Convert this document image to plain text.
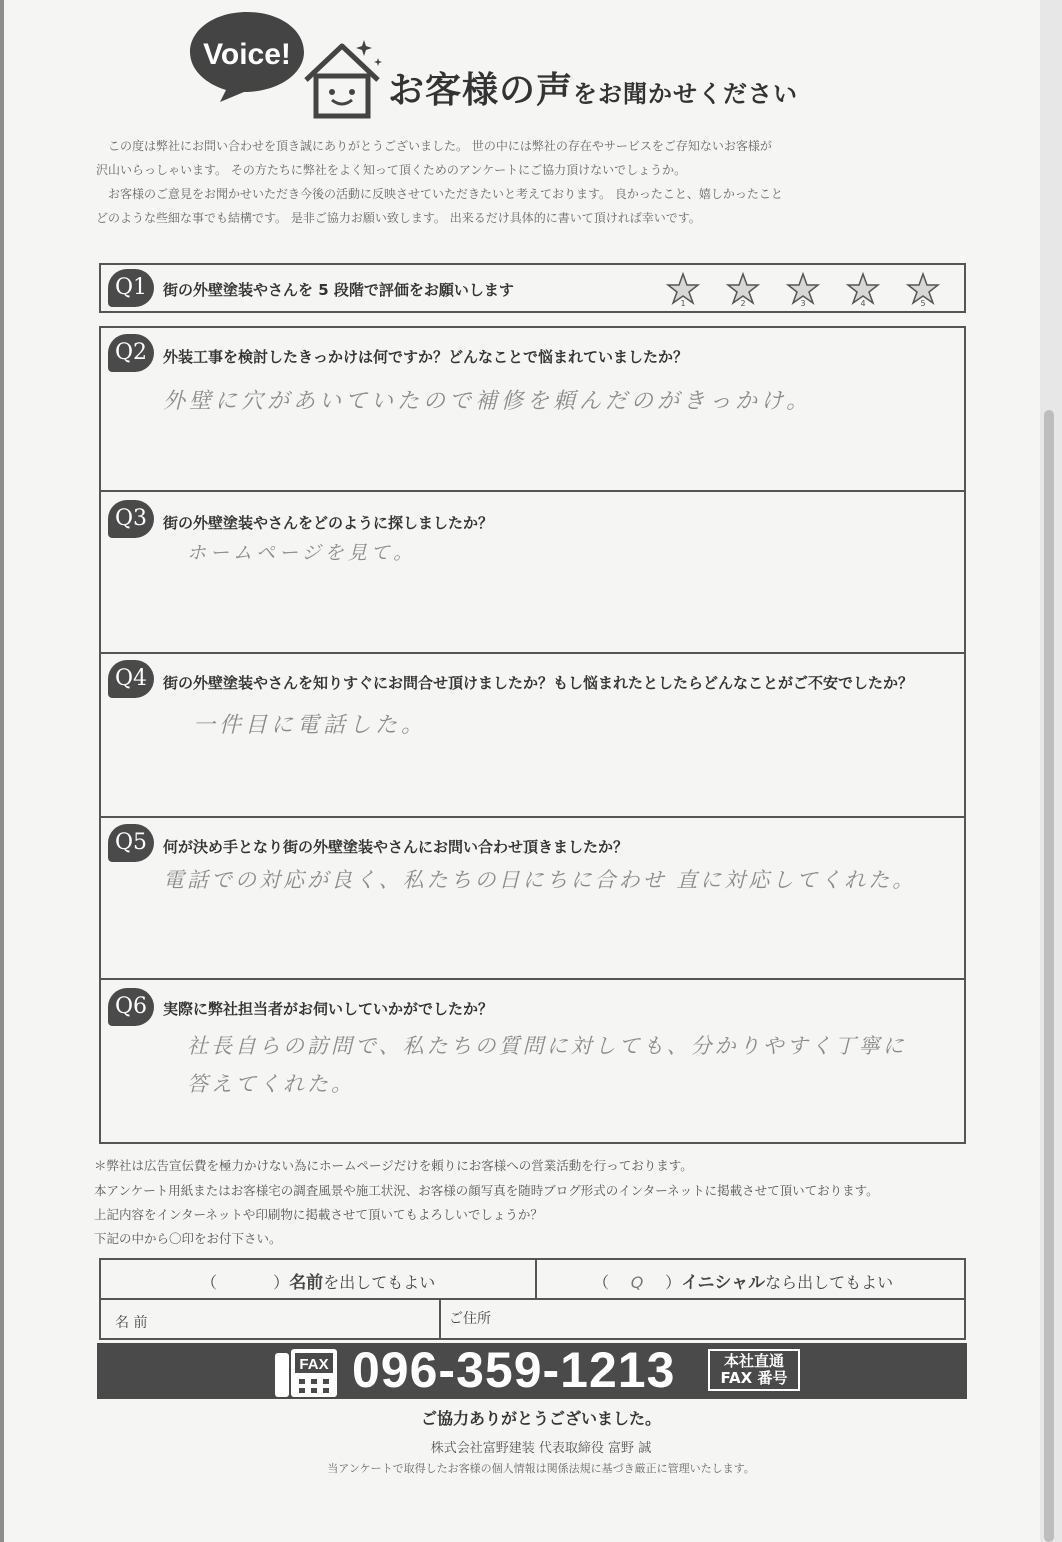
Voice!
お客様の声をお聞かせください

この度は弊社にお問い合わせを頂き誠にありがとうございました。 世の中には弊社の存在やサービスをご存知ないお客様が

沢山いらっしゃいます。 その方たちに弊社をよく知って頂くためのアンケートにご協力頂けないでしょうか。

お客様のご意見をお聞かせいただき今後の活動に反映させていただきたいと考えております。 良かったこと、嬉しかったこと

どのような些細な事でも結構です。 是非ご協力お願い致します。 出来るだけ具体的に書いて頂ければ幸いです。

Q1	街の外壁塗装やさんを 5 段階で評価をお願いします
1	2	3	4	5
Q2	外装工事を検討したきっかけは何ですか？どんなことで悩まれていましたか？
外壁に穴があいていたので補修を頼んだのがきっかけ。
Q3	街の外壁塗装やさんをどのように探しましたか？
ホームページを見て。
Q4	街の外壁塗装やさんを知りすぐにお問合せ頂けましたか？もし悩まれたとしたらどんなことがご不安でしたか？
一件目に電話した。
Q5	何が決め手となり街の外壁塗装やさんにお問い合わせ頂きましたか？
電話での対応が良く、私たちの日にちに合わせ 直に対応してくれた。
Q6	実際に弊社担当者がお伺いしていかがでしたか？
社長自らの訪問で、私たちの質問に対しても、分かりやすく丁寧に
答えてくれた。
＊弊社は広告宣伝費を極力かけない為にホームページだけを頼りにお客様への営業活動を行っております。
本アンケート用紙またはお客様宅の調査風景や施工状況、お客様の顔写真を随時ブログ形式のインターネットに掲載させて頂いております。
上記内容をインターネットや印刷物に掲載させて頂いてもよろしいでしょうか？
下記の中から〇印をお付下さい。
（	）名前を出してもよい	（ Q ）イニシャルなら出してもよい
名 前	ご住所
FAX 096-359-1213	本社直通
FAX 番号
ご協力ありがとうございました。
株式会社富野建装 代表取締役 富野 誠
当アンケートで取得したお客様の個人情報は関係法規に基づき厳正に管理いたします。
